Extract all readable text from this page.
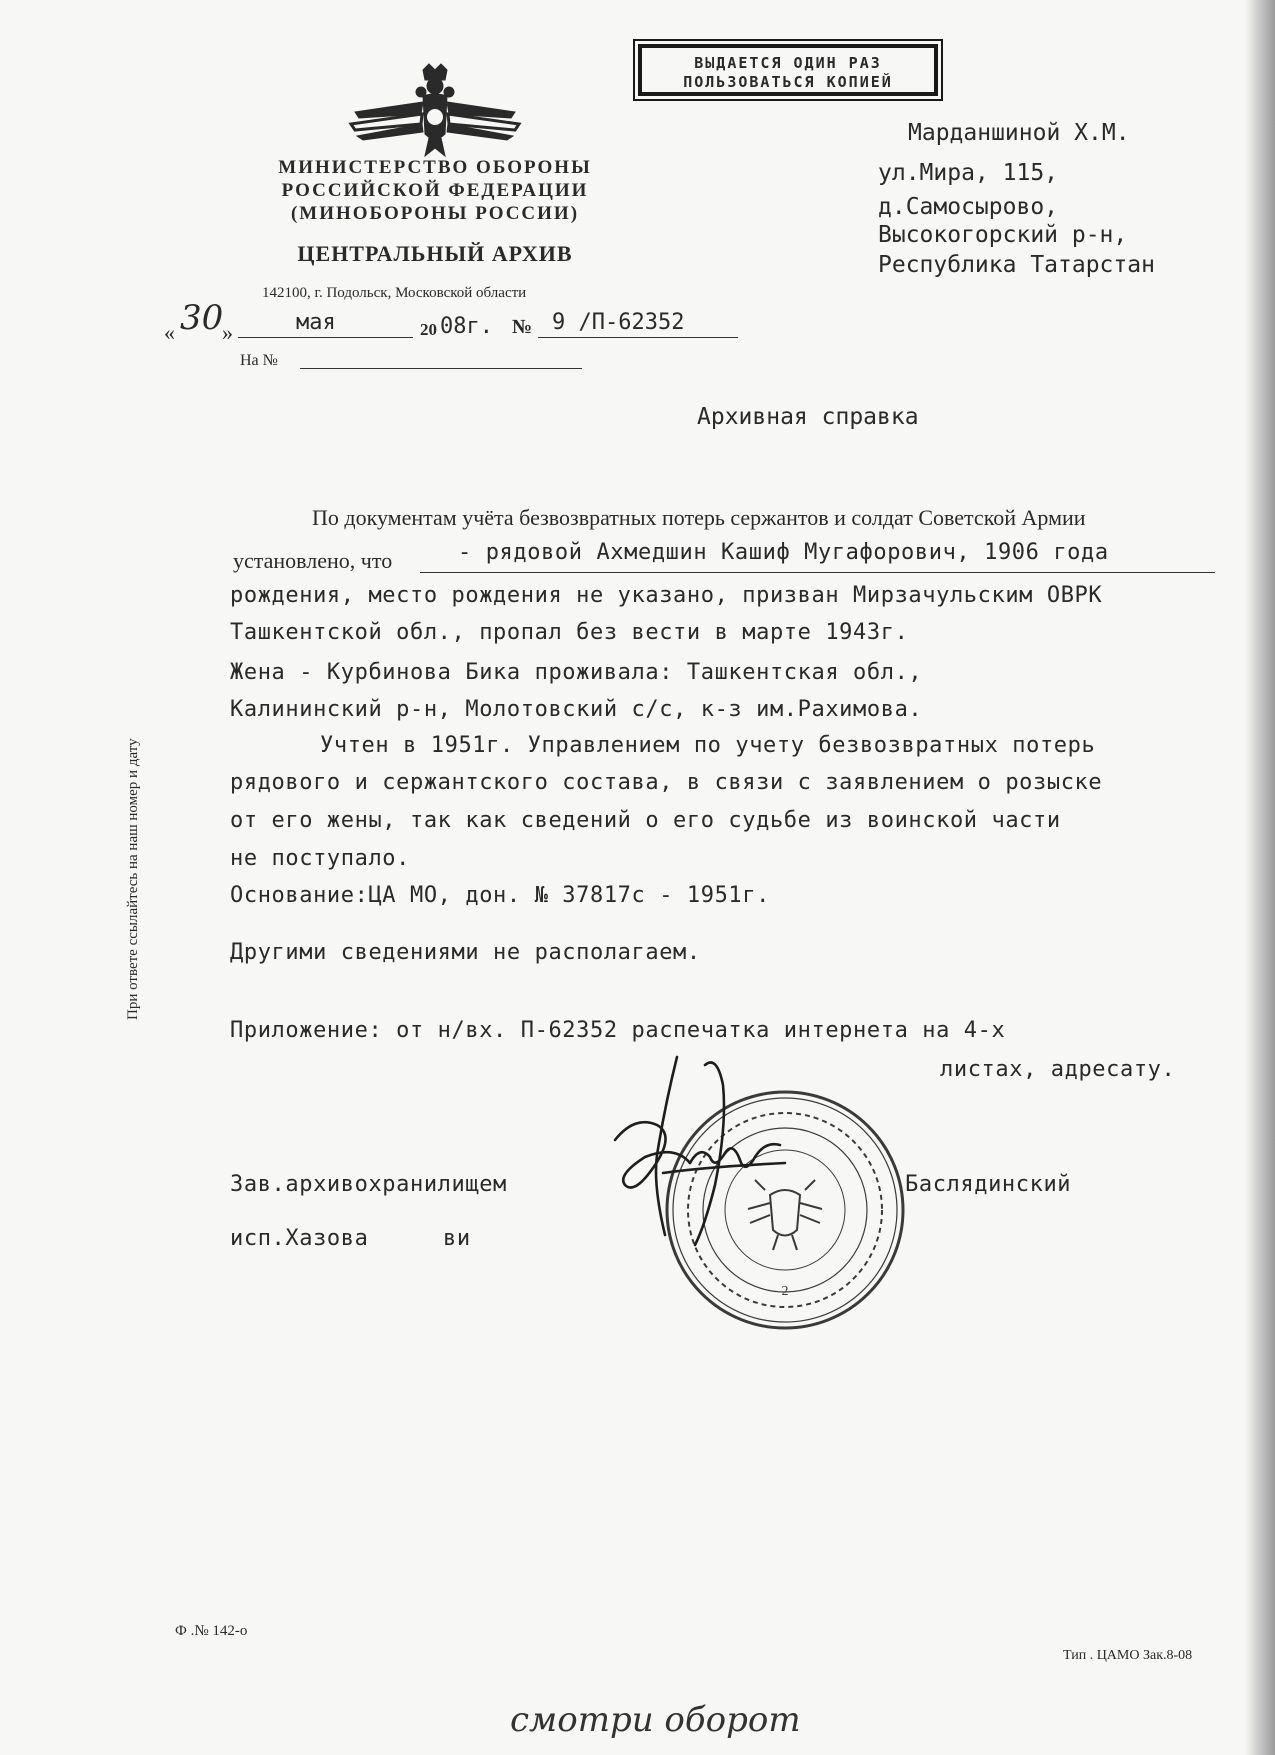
ВЫДАЕТСЯ ОДИН РАЗ
ПОЛЬЗОВАТЬСЯ КОПИЕЙ
МИНИСТЕРСТВО ОБОРОНЫ
РОССИЙСКОЙ ФЕДЕРАЦИИ
(МИНОБОРОНЫ РОССИИ)
ЦЕНТРАЛЬНЫЙ АРХИВ
142100, г. Подольск, Московской области
« 30
»	мая	20 08г. № 9 /П-62352
На №
Марданшиной Х.М.
ул.Мира, 115,
д.Самосырово,
Высокогорский р-н,
Республика Татарстан
Архивная справка
По документам учёта безвозвратных потерь сержантов и солдат Советской Армии
установлено, что	- рядовой Ахмедшин Кашиф Мугафорович, 1906 года
рождения, место рождения не указано, призван Мирзачульским ОВРК
Ташкентской обл., пропал без вести в марте 1943г.
Жена - Курбинова Бика проживала: Ташкентская обл.,
Калининский р-н, Молотовский с/с, к-з им.Рахимова.
Учтен в 1951г. Управлением по учету безвозвратных потерь
рядового и сержантского состава, в связи с заявлением о розыске
от его жены, так как сведений о его судьбе из воинской части
не поступало.
Основание:ЦА МО, дон. № 37817с - 1951г.
Другими сведениями не располагаем.
Приложение: от н/вх. П-62352 распечатка интернета на 4-х
листах, адресату.
Зав.архивохранилищем	Баслядинский
исп.Хазова	ви
2
При ответе ссылайтесь на наш номер и дату
Ф .№ 142-о
Тип . ЦАМО Зак.8-08
смотри оборот
